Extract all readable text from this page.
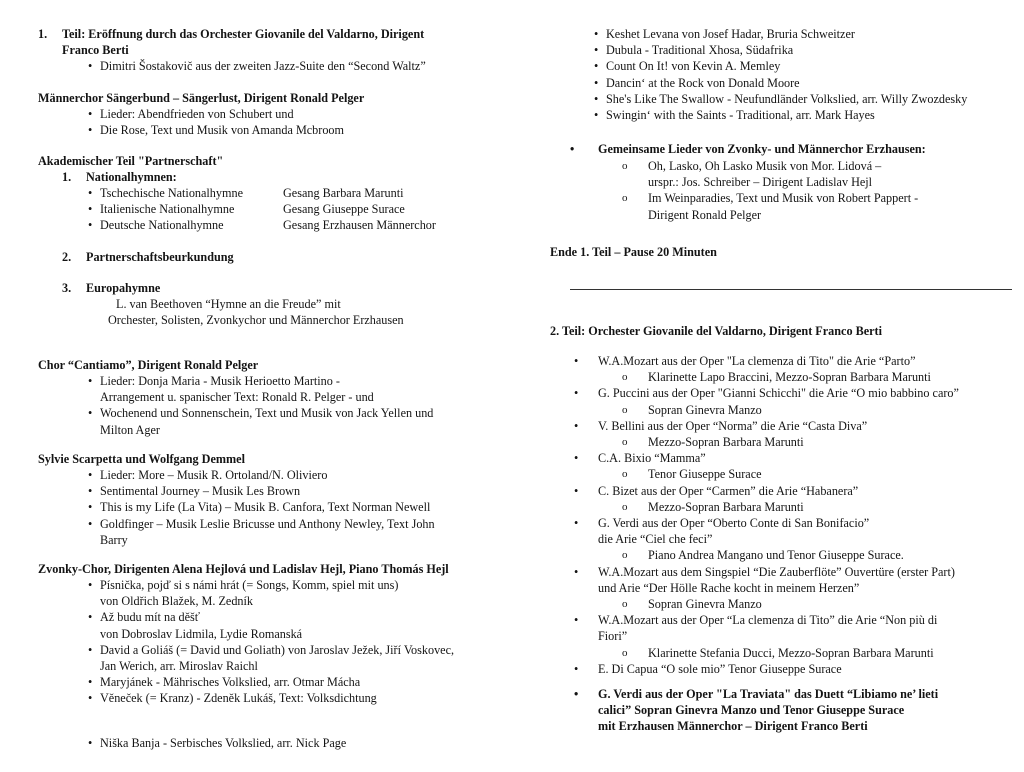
1. Teil: Eröffnung durch das Orchester Giovanile del Valdarno, Dirigent
Franco Berti
• Dimitri Šostakovič aus der zweiten Jazz-Suite den “Second Waltz”
Männerchor Sängerbund – Sängerlust, Dirigent Ronald Pelger
• Lieder: Abendfrieden von Schubert und
• Die Rose, Text und Musik von Amanda Mcbroom
Akademischer Teil "Partnerschaft"
1. Nationalhymnen:
• Tschechische Nationalhymne	Gesang Barbara Marunti
• Italienische Nationalhymne	Gesang Giuseppe Surace
• Deutsche Nationalhymne	Gesang Erzhausen Männerchor
2. Partnerschaftsbeurkundung
3. Europahymne
L. van Beethoven “Hymne an die Freude” mit
Orchester, Solisten, Zvonkychor und Männerchor Erzhausen
Chor “Cantiamo”, Dirigent Ronald Pelger
• Lieder: Donja Maria - Musik Herioetto Martino -
Arrangement u. spanischer Text: Ronald R. Pelger - und
• Wochenend und Sonnenschein, Text und Musik von Jack Yellen und
Milton Ager
Sylvie Scarpetta und Wolfgang Demmel
• Lieder: More – Musik R. Ortoland/N. Oliviero
• Sentimental Journey – Musik Les Brown
• This is my Life (La Vita) – Musik B. Canfora, Text Norman Newell
• Goldfinger – Musik Leslie Bricusse und Anthony Newley, Text John
Barry
Zvonky-Chor, Dirigenten Alena Hejlová und Ladislav Hejl, Piano Thomás Hejl
• Písnička, pojď si s námi hrát (= Songs, Komm, spiel mit uns)
von Oldřich Blažek, M. Zedník
• Až budu mít na děšť
von Dobroslav Lidmila, Lydie Romanská
• David a Goliáš (= David und Goliath) von Jaroslav Ježek, Jiří Voskovec,
Jan Werich, arr. Miroslav Raichl
• Maryjánek - Mährisches Volkslied, arr. Otmar Mácha
• Věneček (= Kranz) - Zdeněk Lukáš, Text: Volksdichtung
• Niška Banja - Serbisches Volkslied, arr. Nick Page
• Keshet Levana von Josef Hadar, Bruria Schweitzer
• Dubula - Traditional Xhosa, Südafrika
• Count On It! von Kevin A. Memley
• Dancin‘ at the Rock von Donald Moore
• She's Like The Swallow - Neufundländer Volkslied, arr. Willy Zwozdesky
• Swingin‘ with the Saints - Traditional, arr. Mark Hayes
• Gemeinsame Lieder von Zvonky- und Männerchor Erzhausen:
o Oh, Lasko, Oh Lasko Musik von Mor. Lidová –
urspr.: Jos. Schreiber – Dirigent Ladislav Hejl
o Im Weinparadies, Text und Musik von Robert Pappert -
Dirigent Ronald Pelger
Ende 1. Teil – Pause 20 Minuten
2. Teil: Orchester Giovanile del Valdarno, Dirigent Franco Berti
• W.A.Mozart aus der Oper "La clemenza di Tito" die Arie “Parto”
o Klarinette Lapo Braccini, Mezzo-Sopran Barbara Marunti
• G. Puccini aus der Oper "Gianni Schicchi" die Arie “O mio babbino caro”
o Sopran Ginevra Manzo
• V. Bellini aus der Oper “Norma” die Arie “Casta Diva”
o Mezzo-Sopran Barbara Marunti
• C.A. Bixio “Mamma”
o Tenor Giuseppe Surace
• C. Bizet aus der Oper “Carmen” die Arie “Habanera”
o Mezzo-Sopran Barbara Marunti
• G. Verdi aus der Oper “Oberto Conte di San Bonifacio”
die Arie “Ciel che feci”
o Piano Andrea Mangano und Tenor Giuseppe Surace.
• W.A.Mozart aus dem Singspiel “Die Zauberflöte” Ouvertüre (erster Part)
und Arie “Der Hölle Rache kocht in meinem Herzen”
o Sopran Ginevra Manzo
• W.A.Mozart aus der Oper “La clemenza di Tito” die Arie “Non più di
Fiori”
o Klarinette Stefania Ducci, Mezzo-Sopran Barbara Marunti
• E. Di Capua “O sole mio” Tenor Giuseppe Surace
• G. Verdi aus der Oper "La Traviata" das Duett “Libiamo ne’ lieti
calici” Sopran Ginevra Manzo und Tenor Giuseppe Surace
mit Erzhausen Männerchor – Dirigent Franco Berti
